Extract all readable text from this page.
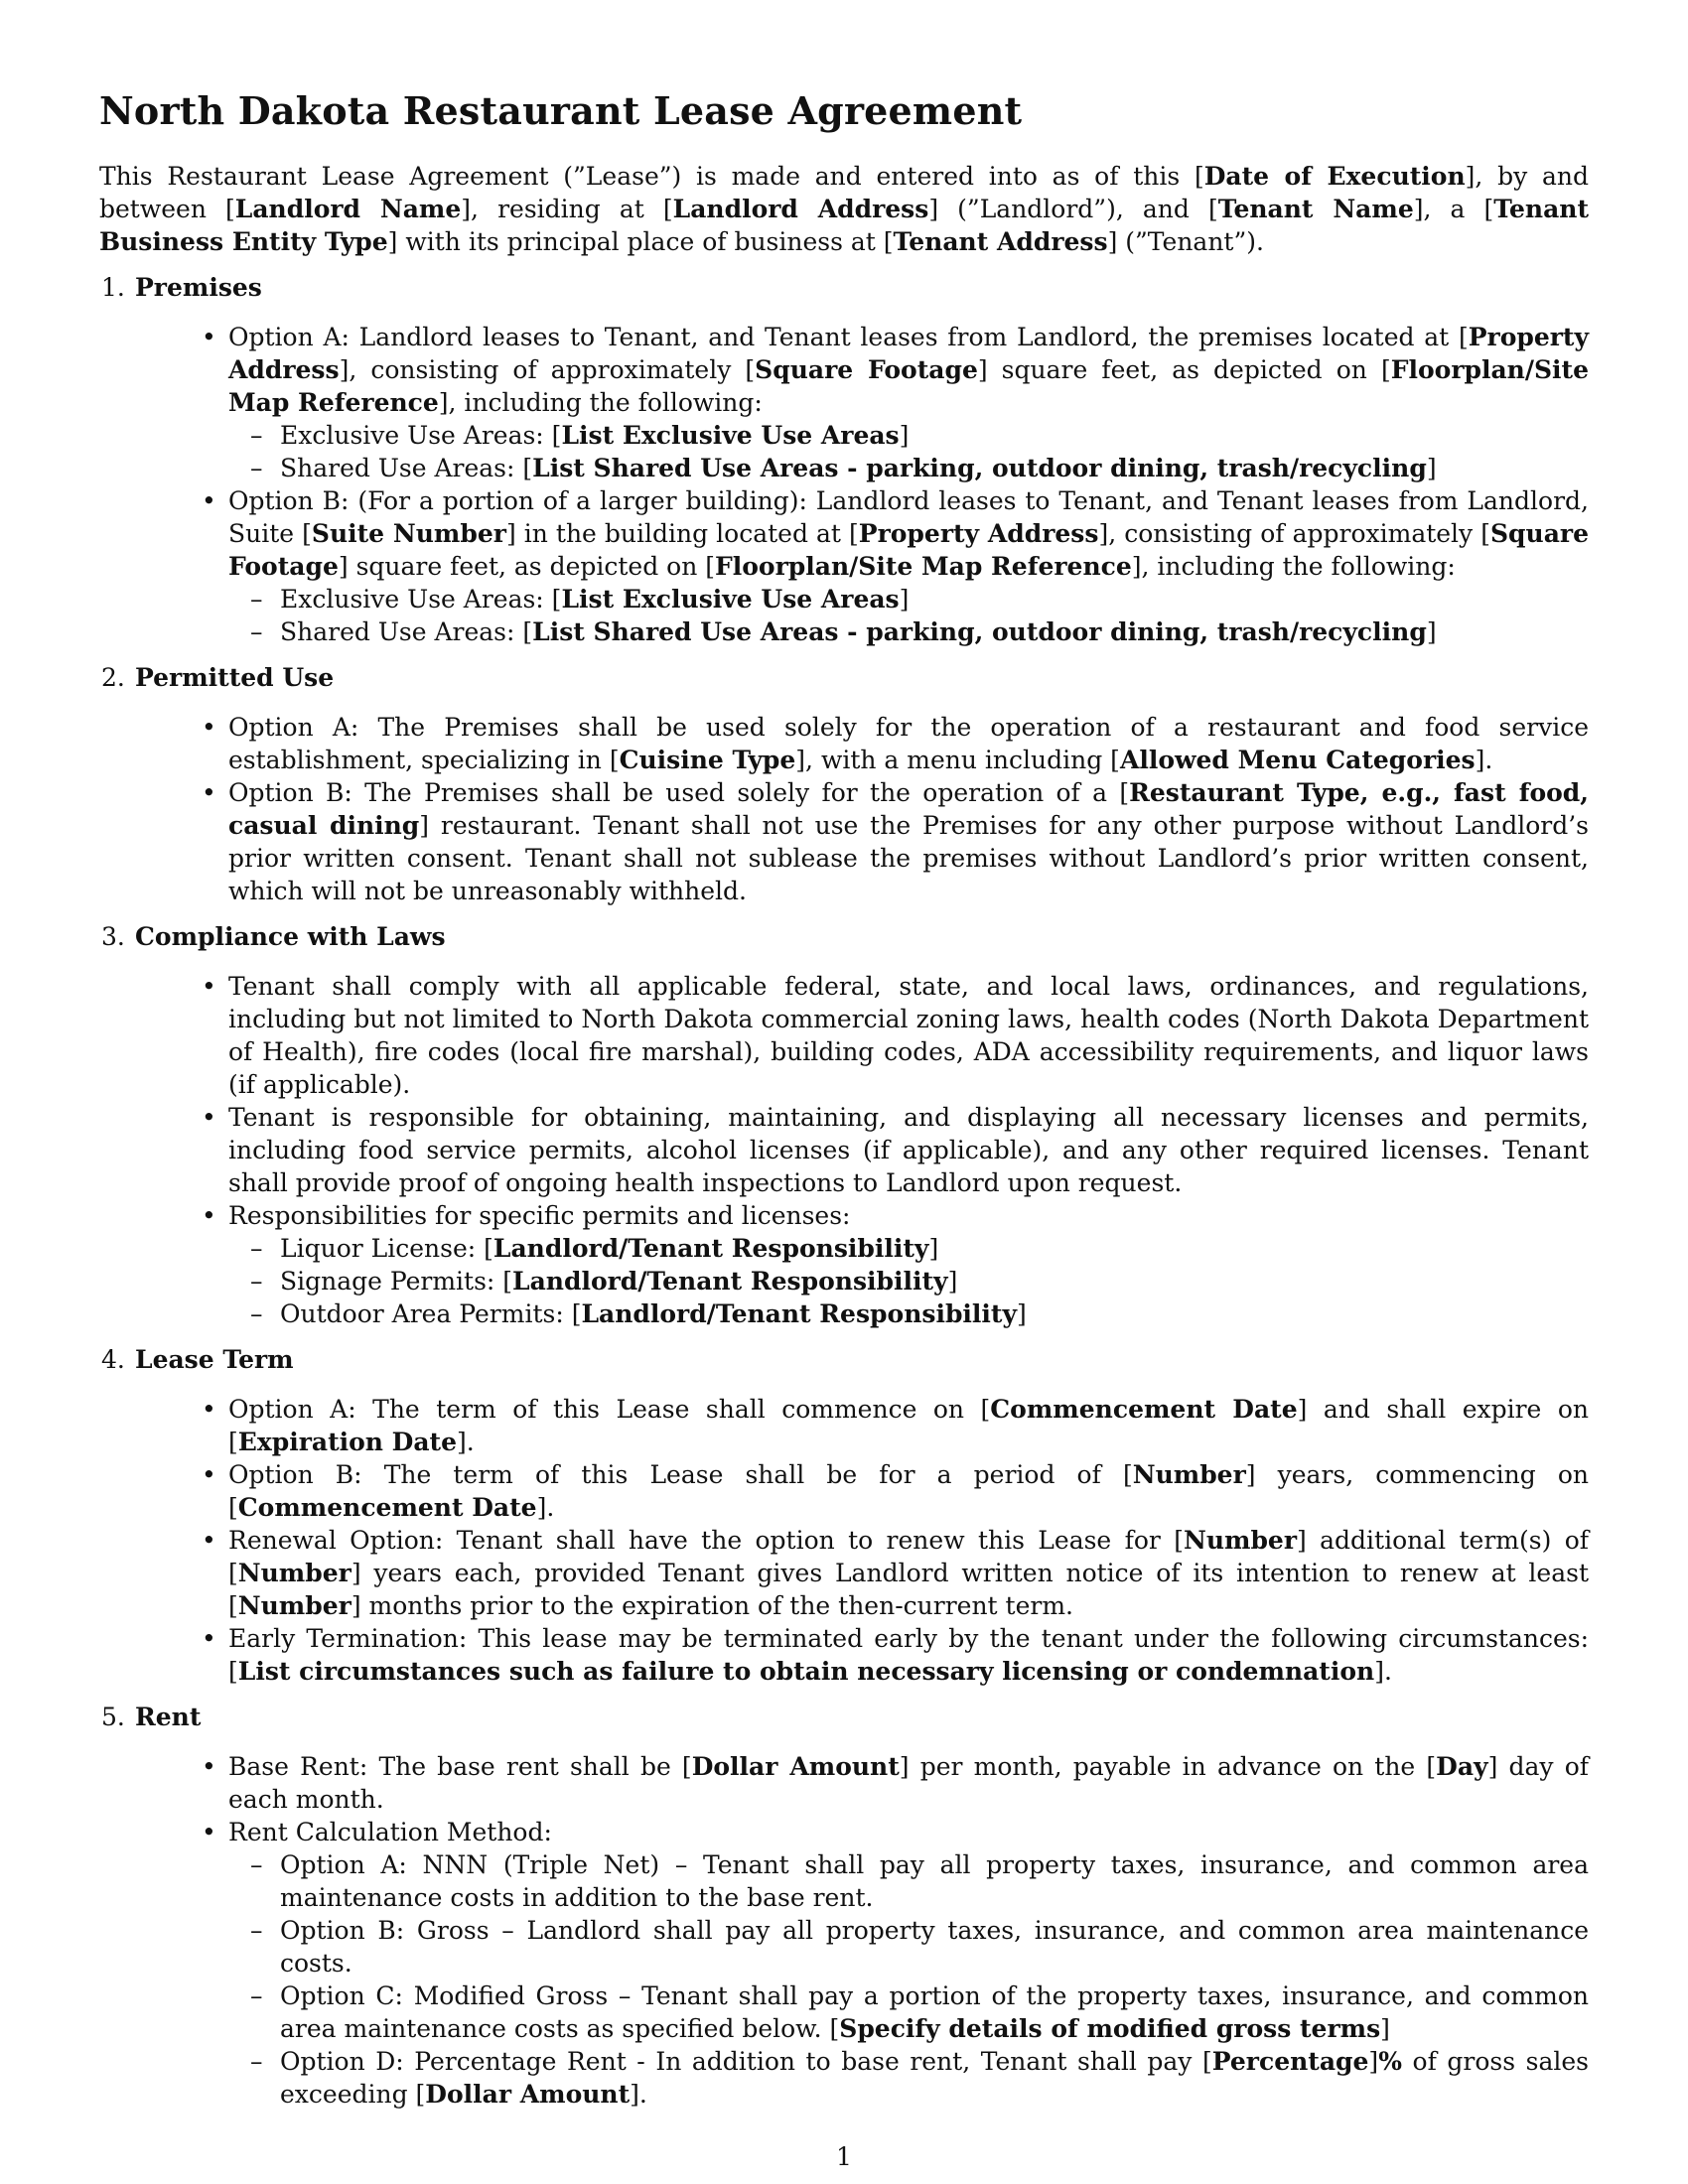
North Dakota Restaurant Lease Agreement

This Restaurant Lease Agreement (”Lease”) is made and entered into as of this [Date of Execution], by and between [Landlord Name], residing at [Landlord Address] (”Landlord”), and [Tenant Name], a [Tenant Business Entity Type] with its principal place of business at [Tenant Address] (”Tenant”).

1. Premises
• Option A: Landlord leases to Tenant, and Tenant leases from Landlord, the premises located at [Property Address], consisting of approximately [Square Footage] square feet, as depicted on [Floorplan/Site Map Reference], including the following:
– Exclusive Use Areas: [List Exclusive Use Areas]
– Shared Use Areas: [List Shared Use Areas - parking, outdoor dining, trash/recycling]
• Option B: (For a portion of a larger building): Landlord leases to Tenant, and Tenant leases from Landlord, Suite [Suite Number] in the building located at [Property Address], consisting of approximately [Square Footage] square feet, as depicted on [Floorplan/Site Map Reference], including the following:
– Exclusive Use Areas: [List Exclusive Use Areas]
– Shared Use Areas: [List Shared Use Areas - parking, outdoor dining, trash/recycling]
2. Permitted Use
• Option A: The Premises shall be used solely for the operation of a restaurant and food service establishment, specializing in [Cuisine Type], with a menu including [Allowed Menu Categories].
• Option B: The Premises shall be used solely for the operation of a [Restaurant Type, e.g., fast food, casual dining] restaurant. Tenant shall not use the Premises for any other purpose without Landlord’s prior written consent. Tenant shall not sublease the premises without Landlord’s prior written consent, which will not be unreasonably withheld.
3. Compliance with Laws
• Tenant shall comply with all applicable federal, state, and local laws, ordinances, and regulations, including but not limited to North Dakota commercial zoning laws, health codes (North Dakota Department of Health), fire codes (local fire marshal), building codes, ADA accessibility requirements, and liquor laws (if applicable).
• Tenant is responsible for obtaining, maintaining, and displaying all necessary licenses and permits, including food service permits, alcohol licenses (if applicable), and any other required licenses. Tenant shall provide proof of ongoing health inspections to Landlord upon request.
• Responsibilities for specific permits and licenses:
– Liquor License: [Landlord/Tenant Responsibility]
– Signage Permits: [Landlord/Tenant Responsibility]
– Outdoor Area Permits: [Landlord/Tenant Responsibility]
4. Lease Term
• Option A: The term of this Lease shall commence on [Commencement Date] and shall expire on [Expiration Date].
• Option B: The term of this Lease shall be for a period of [Number] years, commencing on [Commencement Date].
• Renewal Option: Tenant shall have the option to renew this Lease for [Number] additional term(s) of [Number] years each, provided Tenant gives Landlord written notice of its intention to renew at least [Number] months prior to the expiration of the then-current term.
• Early Termination: This lease may be terminated early by the tenant under the following circumstances: [List circumstances such as failure to obtain necessary licensing or condemnation].
5. Rent
• Base Rent: The base rent shall be [Dollar Amount] per month, payable in advance on the [Day] day of each month.
• Rent Calculation Method:
– Option A: NNN (Triple Net) – Tenant shall pay all property taxes, insurance, and common area maintenance costs in addition to the base rent.
– Option B: Gross – Landlord shall pay all property taxes, insurance, and common area maintenance costs.
– Option C: Modified Gross – Tenant shall pay a portion of the property taxes, insurance, and common area maintenance costs as specified below. [Specify details of modified gross terms]
– Option D: Percentage Rent - In addition to base rent, Tenant shall pay [Percentage]% of gross sales exceeding [Dollar Amount].
1
